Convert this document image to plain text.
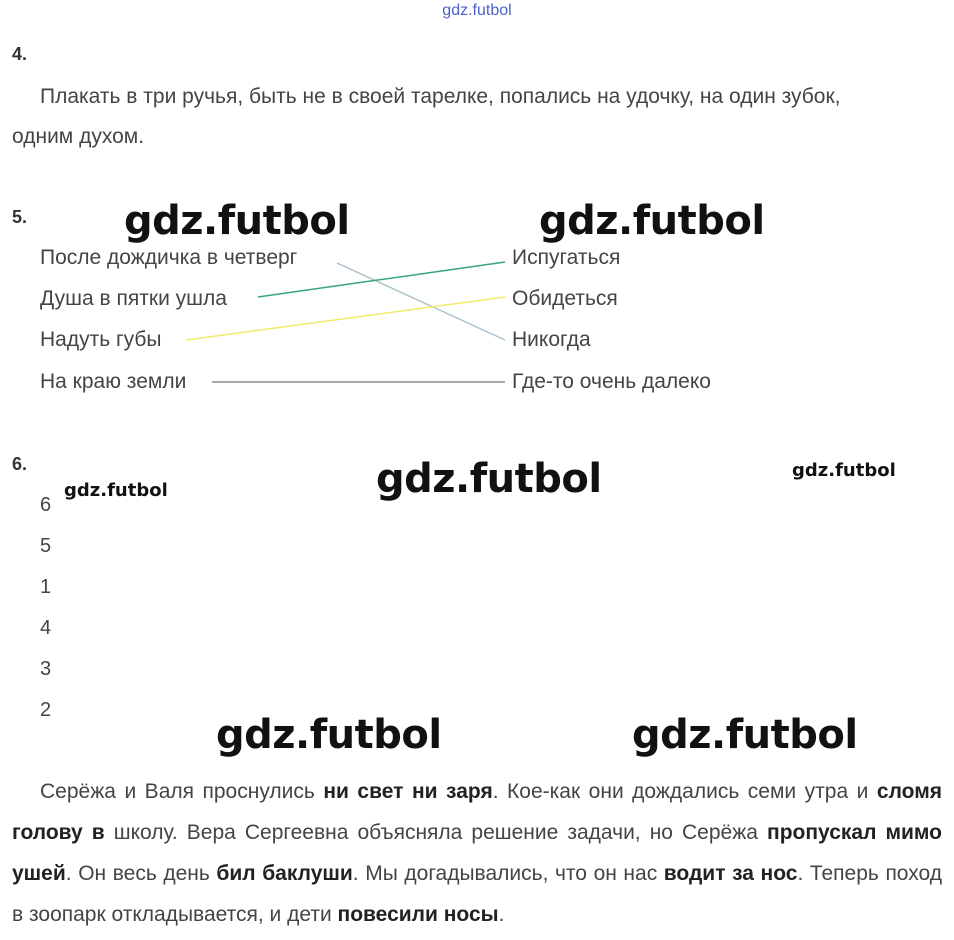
gdz.futbol
4.
Плакать в три ручья, быть не в своей тарелке, попались на удочку, на один зубок,
одним духом.
5. gdz.futbol	gdz.futbol
После дождичка в четверг
Душа в пятки ушла
Надуть губы
На краю земли
Испугаться
Обидеться
Никогда
Где-то очень далеко
6.
gdz.futbol	gdz.futbol	gdz.futbol
6
5
1
4
3
2
gdz.futbol	gdz.futbol
Серёжа и Валя проснулись ни свет ни заря. Кое-как они дождались семи утра и сломя голову в школу. Вера Сергеевна объясняла решение задачи, но Серёжа пропускал мимо ушей. Он весь день бил баклуши. Мы догадывались, что он нас водит за нос. Теперь поход в зоопарк откладывается, и дети повесили носы.
